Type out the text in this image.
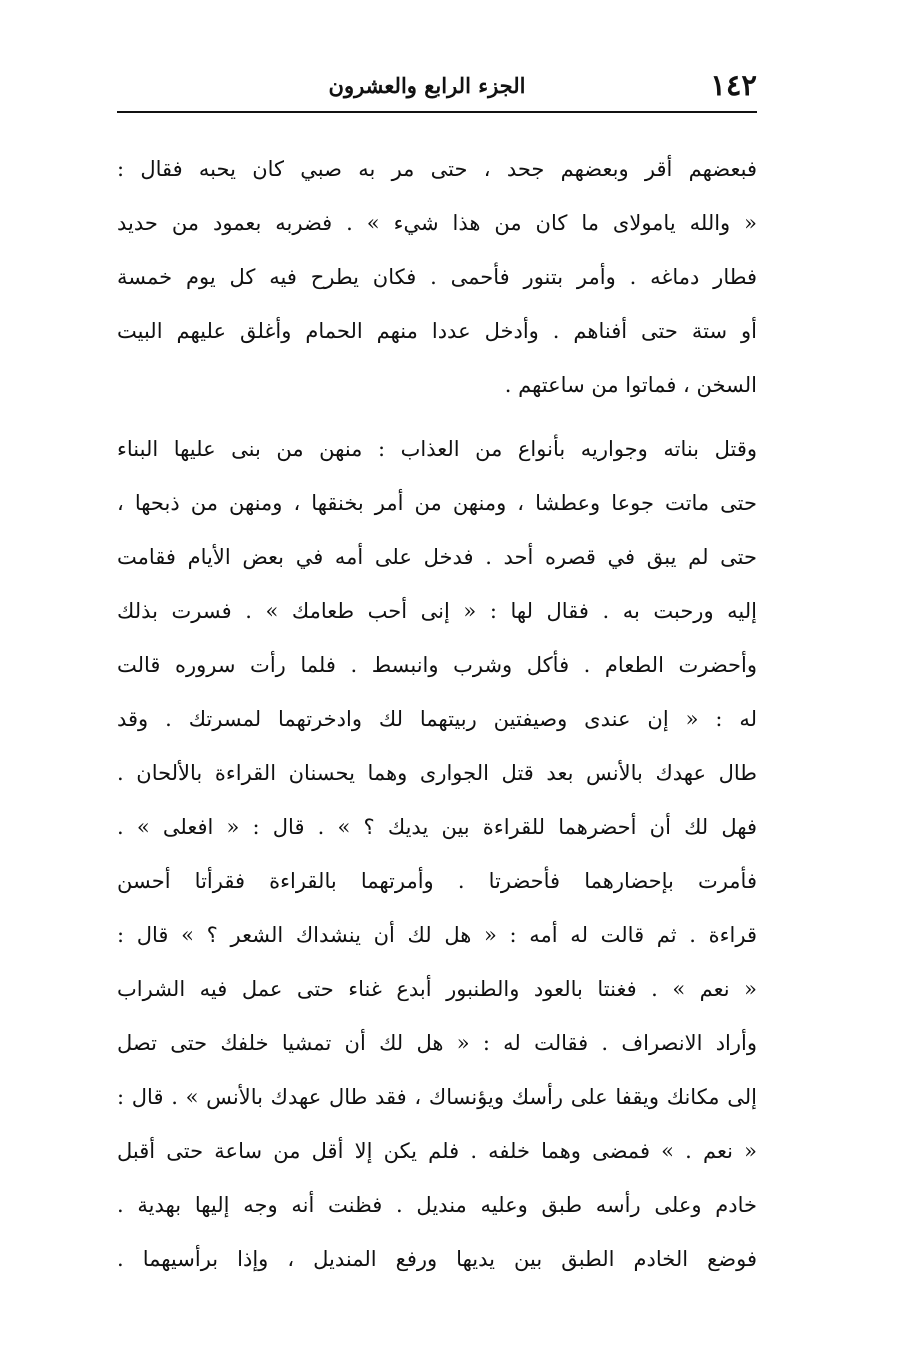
١٤٢
الجزء الرابع والعشرون
فبعضهم أقر وبعضهم جحد ، حتى مر به صبي كان يحبه فقال :
« والله يامولاى ما كان من هذا شيء » . فضربه بعمود من حديد
فطار دماغه . وأمر بتنور فأحمى . فكان يطرح فيه كل يوم خمسة
أو ستة حتى أفناهم . وأدخل عددا منهم الحمام وأغلق عليهم البيت
السخن ، فماتوا من ساعتهم .
وقتل بناته وجواريه بأنواع من العذاب : منهن من بنى عليها البناء
حتى ماتت جوعا وعطشا ، ومنهن من أمر بخنقها ، ومنهن من ذبحها ،
حتى لم يبق في قصره أحد . فدخل على أمه في بعض الأيام فقامت
إليه ورحبت به . فقال لها : « إنى أحب طعامك » . فسرت بذلك
وأحضرت الطعام . فأكل وشرب وانبسط . فلما رأت سروره قالت
له : « إن عندى وصيفتين ربيتهما لك وادخرتهما لمسرتك . وقد
طال عهدك بالأنس بعد قتل الجوارى وهما يحسنان القراءة بالألحان .
فهل لك أن أحضرهما للقراءة بين يديك ؟ » . قال : « افعلى » .
فأمرت بإحضارهما فأحضرتا . وأمرتهما بالقراءة فقرأتا أحسن
قراءة . ثم قالت له أمه : « هل لك أن ينشداك الشعر ؟ » قال :
« نعم » . فغنتا بالعود والطنبور أبدع غناء حتى عمل فيه الشراب
وأراد الانصراف . فقالت له : « هل لك أن تمشيا خلفك حتى تصل
إلى مكانك ويقفا على رأسك ويؤنساك ، فقد طال عهدك بالأنس » . قال :
« نعم . » فمضى وهما خلفه . فلم يكن إلا أقل من ساعة حتى أقبل
خادم وعلى رأسه طبق وعليه منديل . فظنت أنه وجه إليها بهدية .
فوضع الخادم الطبق بين يديها ورفع المنديل ، وإذا برأسيهما .
